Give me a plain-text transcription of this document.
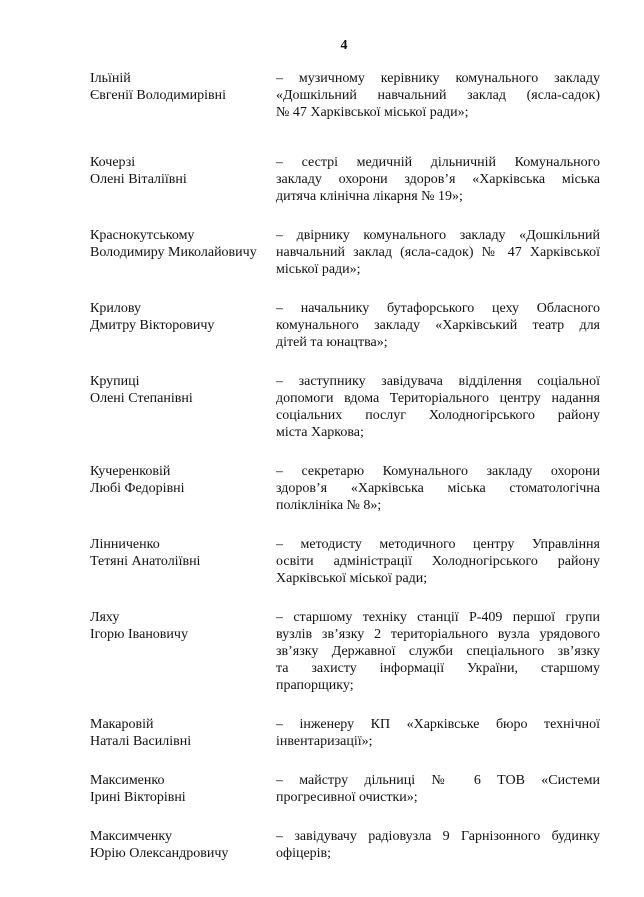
4
Ільїній
Євгенії Володимирівні
– музичному керівнику комунального закладу
«Дошкільний навчальний заклад (ясла-садок)
№ 47 Харківської міської ради»;
Кочерзі
Олені Віталіївні
– сестрі медичній дільничній Комунального
закладу охорони здоров’я «Харківська міська
дитяча клінічна лікарня № 19»;
Краснокутському
Володимиру Миколайовичу
– двірнику комунального закладу «Дошкільний
навчальний заклад (ясла-садок) № 47 Харківської
міської ради»;
Крилову
Дмитру Вікторовичу
– начальнику бутафорського цеху Обласного
комунального закладу «Харківський театр для
дітей та юнацтва»;
Крупиці
Олені Степанівні
– заступнику завідувача відділення соціальної
допомоги вдома Територіального центру надання
соціальних послуг Холодногірського району
міста Харкова;
Кучеренковій
Любі Федорівні
– секретарю Комунального закладу охорони
здоров’я «Харківська міська стоматологічна
поліклініка № 8»;
Лінниченко
Тетяні Анатоліївні
– методисту методичного центру Управління
освіти адміністрації Холодногірського району
Харківської міської ради;
Ляху
Ігорю Івановичу
– старшому техніку станції Р-409 першої групи
вузлів зв’язку 2 територіального вузла урядового
зв’язку Державної служби спеціального зв’язку
та захисту інформації України, старшому
прапорщику;
Макаровій
Наталі Василівні
– інженеру КП «Харківське бюро технічної
інвентаризації»;
Максименко
Ірині Вікторівні
– майстру дільниці № 6 ТОВ «Системи
прогресивної очистки»;
Максимченку
Юрію Олександровичу
– завідувачу радіовузла 9 Гарнізонного будинку
офіцерів;
